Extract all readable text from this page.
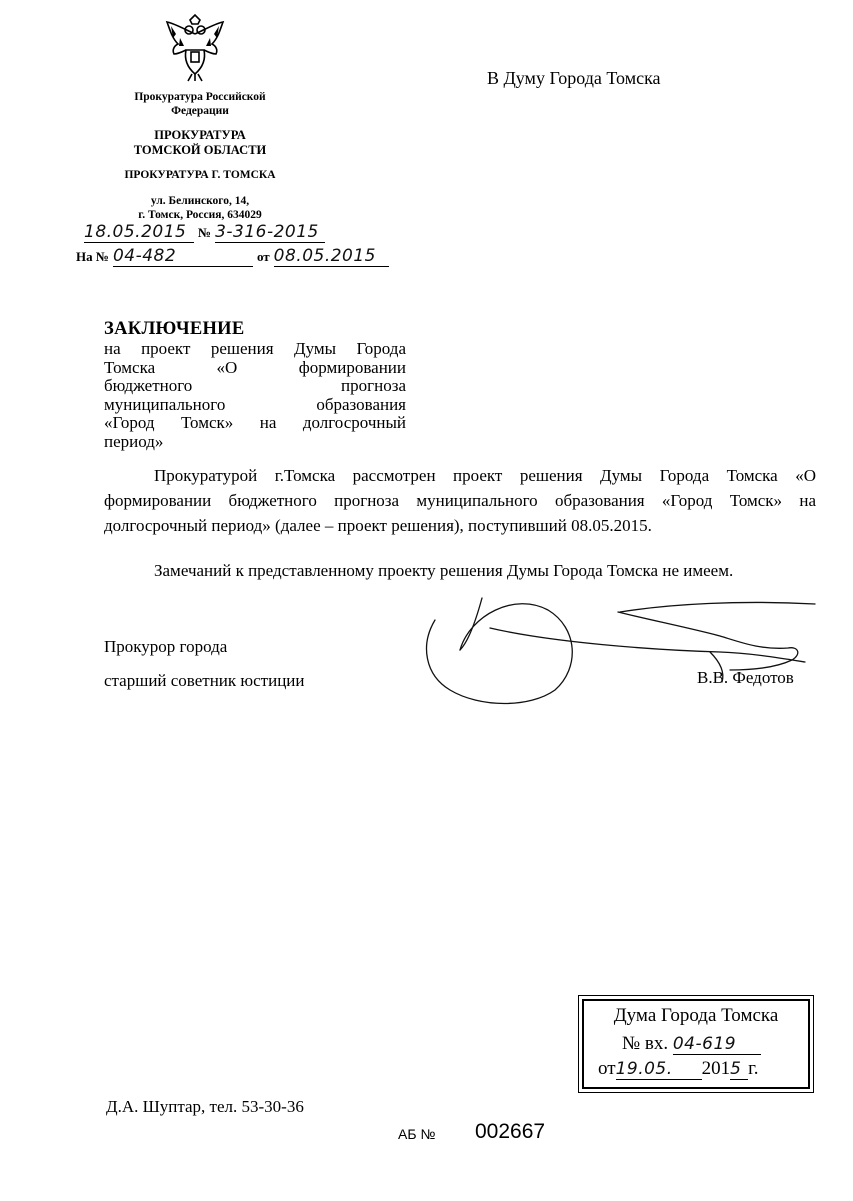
Прокуратура Российской
Федерации
ПРОКУРАТУРА
ТОМСКОЙ ОБЛАСТИ
ПРОКУРАТУРА Г. ТОМСКА
ул. Белинского, 14,
г. Томск, Россия, 634029
18.05.2015 № 3-316-2015
На № 04-482	от 08.05.2015
В Думу Города Томска
ЗАКЛЮЧЕНИЕ
на проект решения Думы Города
Томска «О формировании
бюджетного прогноза
муниципального образования
«Город Томск» на долгосрочный
период»
Прокуратурой г.Томска рассмотрен проект решения Думы Города Томска «О формировании бюджетного прогноза муниципального образования «Город Томск» на долгосрочный период» (далее – проект решения), поступивший 08.05.2015.
Замечаний к представленному проекту решения Думы Города Томска не имеем.
Прокурор города
старший советник юстиции	В.В. Федотов
Дума Города Томска
№ вх. 04-619
от19.05. 2015 г.
Д.А. Шуптар, тел. 53-30-36
АБ № 002667
